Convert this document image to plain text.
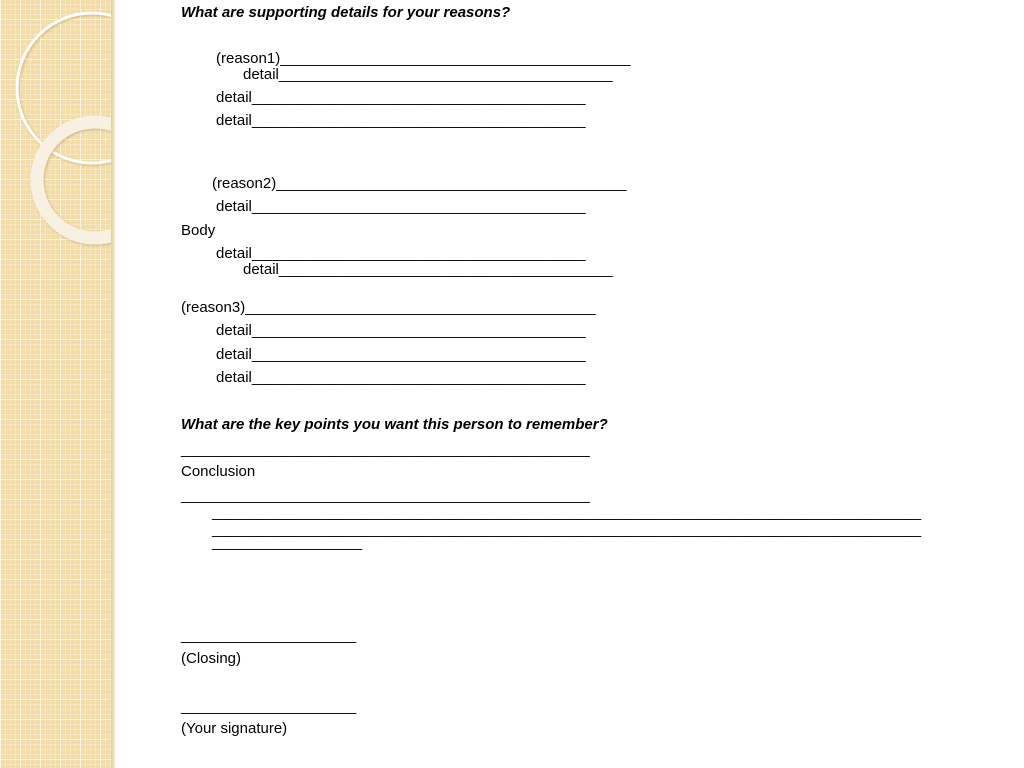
What are supporting details for your reasons?
(reason1)__________________________________________
detail________________________________________
detail________________________________________
detail________________________________________
(reason2)__________________________________________
detail________________________________________
Body
detail________________________________________
detail________________________________________
(reason3)__________________________________________
detail________________________________________
detail________________________________________
detail________________________________________
What are the key points you want this person to remember?
_________________________________________________
Conclusion
_________________________________________________
_____________________________________________________________________________________
_____________________________________________________________________________________
__________________
_____________________
(Closing)
_____________________
(Your signature)
